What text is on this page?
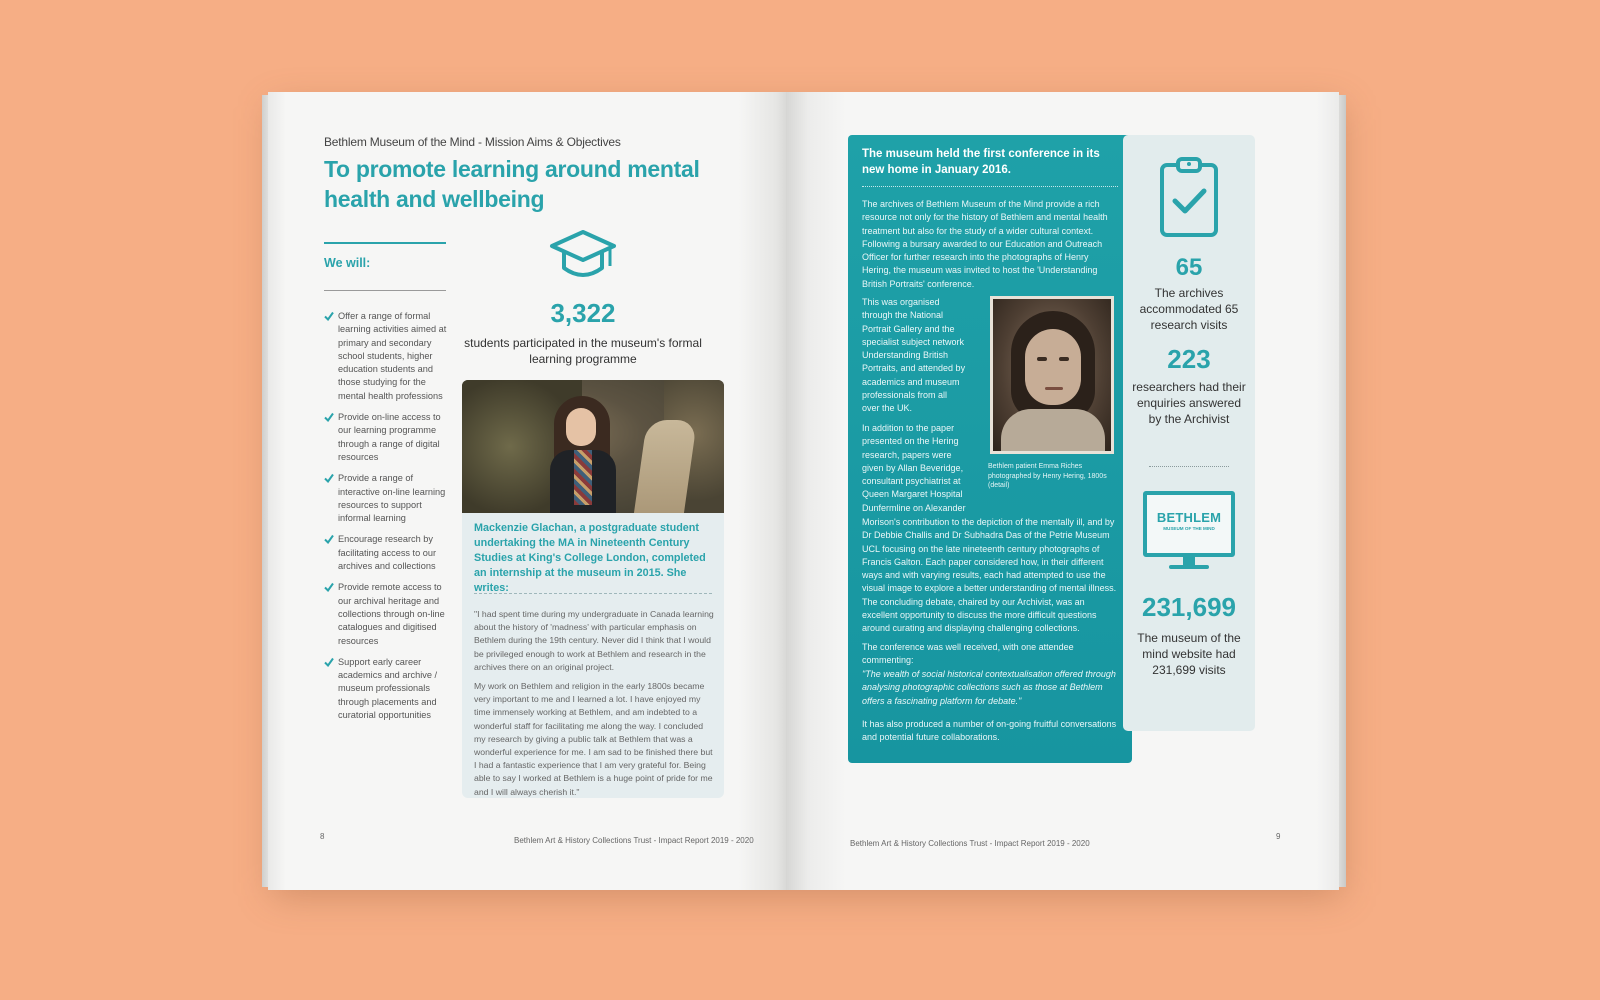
Bethlem Museum of the Mind - Mission Aims & Objectives
To promote learning around mental health and wellbeing
We will:
Offer a range of formal learning activities aimed at primary and secondary school students, higher education students and those studying for the mental health professions
Provide on-line access to our learning programme through a range of digital resources
Provide a range of interactive on-line learning resources to support informal learning
Encourage research by facilitating access to our archives and collections
Provide remote access to our archival heritage and collections through on-line catalogues and digitised resources
Support early career academics and archive / museum professionals through placements and curatorial opportunities
3,322
students participated in the museum's formal learning programme
Mackenzie Glachan, a postgraduate student undertaking the MA in Nineteenth Century Studies at King's College London, completed an internship at the museum in 2015. She writes:
"I had spent time during my undergraduate in Canada learning about the history of 'madness' with particular emphasis on Bethlem during the 19th century. Never did I think that I would be privileged enough to work at Bethlem and research in the archives there on an original project.
My work on Bethlem and religion in the early 1800s became very important to me and I learned a lot. I have enjoyed my time immensely working at Bethlem, and am indebted to a wonderful staff for facilitating me along the way. I concluded my research by giving a public talk at Bethlem that was a wonderful experience for me. I am sad to be finished there but I had a fantastic experience that I am very grateful for. Being able to say I worked at Bethlem is a huge point of pride for me and I will always cherish it."
8	Bethlem Art & History Collections Trust - Impact Report 2019 - 2020
The museum held the first conference in its new home in January 2016.
The archives of Bethlem Museum of the Mind provide a rich resource not only for the history of Bethlem and mental health treatment but also for the study of a wider cultural context. Following a bursary awarded to our Education and Outreach Officer for further research into the photographs of Henry Hering, the museum was invited to host the 'Understanding British Portraits' conference.
This was organised through the National Portrait Gallery and the specialist subject network Understanding British Portraits, and attended by academics and museum professionals from all over the UK.
In addition to the paper presented on the Hering research, papers were given by Allan Beveridge, consultant psychiatrist at Queen Margaret Hospital Dunfermline on Alexander
Morison's contribution to the depiction of the mentally ill, and by Dr Debbie Challis and Dr Subhadra Das of the Petrie Museum UCL focusing on the late nineteenth century photographs of Francis Galton. Each paper considered how, in their different ways and with varying results, each had attempted to use the visual image to explore a better understanding of mental illness. The concluding debate, chaired by our Archivist, was an excellent opportunity to discuss the more difficult questions around curating and displaying challenging collections.
The conference was well received, with one attendee commenting:
"The wealth of social historical contextualisation offered through analysing photographic collections such as those at Bethlem offers a fascinating platform for debate."
It has also produced a number of on-going fruitful conversations and potential future collaborations.
Bethlem patient Emma Riches photographed by Henry Hering, 1800s (detail)
65
The archives accommodated 65 research visits
223
researchers had their enquiries answered by the Archivist
BETHLEM
MUSEUM OF THE MIND
231,699
The museum of the mind website had 231,699 visits
Bethlem Art & History Collections Trust - Impact Report 2019 - 2020
9
